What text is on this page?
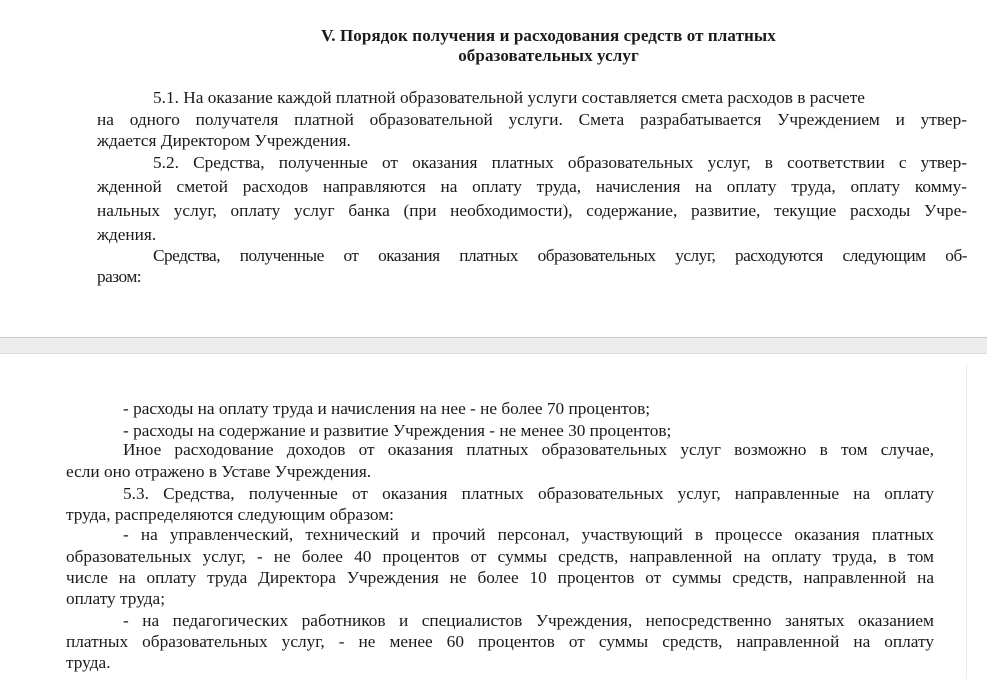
V. Порядок получения и расходования средств от платных
образовательных услуг
5.1. На оказание каждой платной образовательной услуги составляется смета расходов в расчете
на одного получателя платной образовательной услуги. Смета разрабатывается Учреждением и утвер-
ждается Директором Учреждения.
5.2. Средства, полученные от оказания платных образовательных услуг, в соответствии с утвер-
жденной сметой расходов направляются на оплату труда, начисления на оплату труда, оплату комму-
нальных услуг, оплату услуг банка (при необходимости), содержание, развитие, текущие расходы Учре-
ждения.
Средства, полученные от оказания платных образовательных услуг, расходуются следующим об-
разом:
- расходы на оплату труда и начисления на нее - не более 70 процентов;
- расходы на содержание и развитие Учреждения - не менее 30 процентов;
Иное расходование доходов от оказания платных образовательных услуг возможно в том случае,
если оно отражено в Уставе Учреждения.
5.3. Средства, полученные от оказания платных образовательных услуг, направленные на оплату
труда, распределяются следующим образом:
- на управленческий, технический и прочий персонал, участвующий в процессе оказания платных
образовательных услуг, - не более 40 процентов от суммы средств, направленной на оплату труда, в том
числе на оплату труда Директора Учреждения не более 10 процентов от суммы средств, направленной на
оплату труда;
- на педагогических работников и специалистов Учреждения, непосредственно занятых оказанием
платных образовательных услуг, - не менее 60 процентов от суммы средств, направленной на оплату
труда.
